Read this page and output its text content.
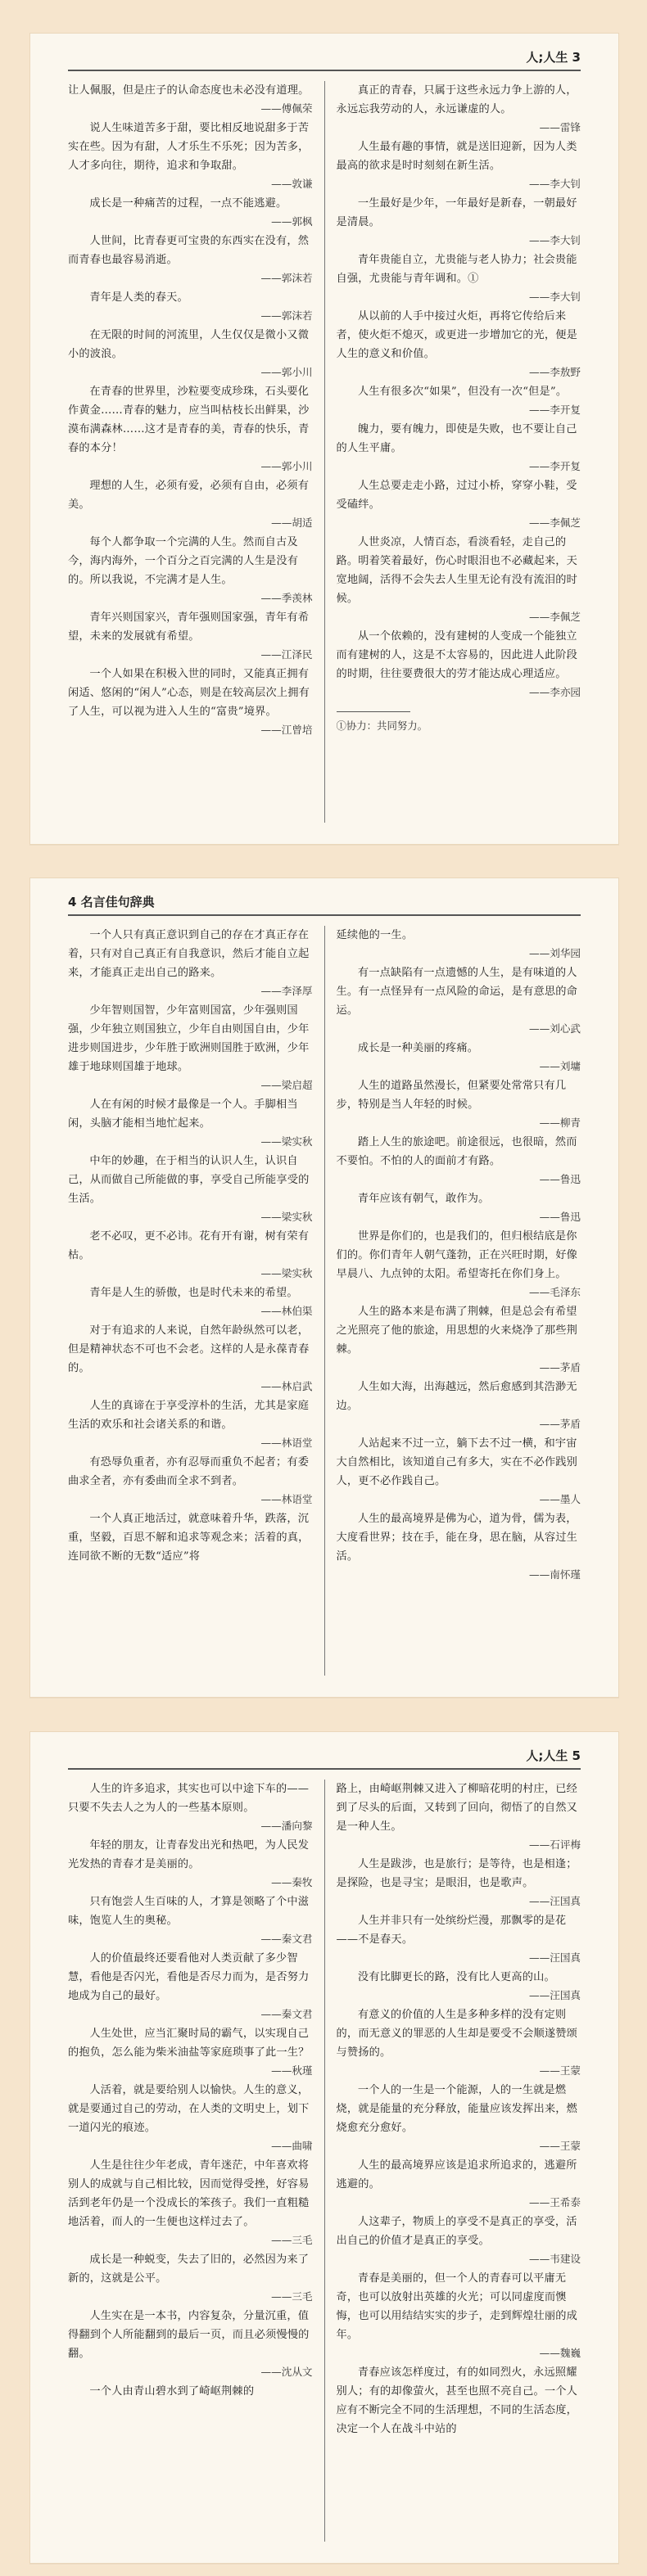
人;人生 3

让人佩服，但是庄子的认命态度也未必没有道理。

——傅佩荣

说人生味道苦多于甜，要比相反地说甜多于苦实在些。因为有甜，人才乐生不乐死；因为苦多，人才多向往，期待，追求和争取甜。

——敦谦

成长是一种痛苦的过程，一点不能逃避。

——郭枫

人世间，比青春更可宝贵的东西实在没有，然而青春也最容易消逝。

——郭沫若

青年是人类的春天。

——郭沫若

在无限的时间的河流里，人生仅仅是微小又微小的波浪。

——郭小川

在青春的世界里，沙粒要变成珍珠，石头要化作黄金……青春的魅力，应当叫枯枝长出鲜果，沙漠布满森林……这才是青春的美，青春的快乐，青春的本分！

——郭小川

理想的人生，必须有爱，必须有自由，必须有美。

——胡适

每个人都争取一个完满的人生。然而自古及今，海内海外，一个百分之百完满的人生是没有的。所以我说，不完满才是人生。

——季羡林

青年兴则国家兴，青年强则国家强，青年有希望，未来的发展就有希望。

——江泽民

一个人如果在积极入世的同时，又能真正拥有闲适、悠闲的“闲人”心态，则是在较高层次上拥有了人生，可以视为进入人生的“富贵”境界。

——江曾培

真正的青春，只属于这些永远力争上游的人，永远忘我劳动的人，永远谦虚的人。

——雷锋

人生最有趣的事情，就是送旧迎新，因为人类最高的欲求是时时刻刻在新生活。

——李大钊

一生最好是少年，一年最好是新春，一朝最好是清晨。

——李大钊

青年贵能自立，尤贵能与老人协力；社会贵能自强，尤贵能与青年调和。①

——李大钊

从以前的人手中接过火炬，再将它传给后来者，使火炬不熄灭，或更进一步增加它的光，便是人生的意义和价值。

——李敖野

人生有很多次“如果”，但没有一次“但是”。

——李开复

魄力，要有魄力，即使是失败，也不要让自己的人生平庸。

——李开复

人生总要走走小路，过过小桥，穿穿小鞋，受受磕绊。

——李佩芝

人世炎凉，人情百态，看淡看轻，走自己的路。明着笑着最好，伤心时眼泪也不必藏起来，天宽地阔，活得不会失去人生里无论有没有流泪的时候。

——李佩芝

从一个依赖的，没有建树的人变成一个能独立而有建树的人，这是不太容易的，因此进人此阶段的时期，往往要费很大的劳才能达成心理适应。

——李亦园

①协力：共同努力。

4 名言佳句辞典

一个人只有真正意识到自己的存在才真正存在着，只有对自己真正有自我意识，然后才能自立起来，才能真正走出自己的路来。

——李泽厚

少年智则国智，少年富则国富，少年强则国强，少年独立则国独立，少年自由则国自由，少年进步则国进步，少年胜于欧洲则国胜于欧洲，少年雄于地球则国雄于地球。

——梁启超

人在有闲的时候才最像是一个人。手脚相当闲，头脑才能相当地忙起来。

——梁实秋

中年的妙趣，在于相当的认识人生，认识自己，从而做自己所能做的事，享受自己所能享受的生活。

——梁实秋

老不必叹，更不必讳。花有开有谢，树有荣有枯。

——梁实秋

青年是人生的骄傲，也是时代未来的希望。

——林伯渠

对于有追求的人来说，自然年龄纵然可以老，但是精神状态不可也不会老。这样的人是永葆青春的。

——林启武

人生的真谛在于享受淳朴的生活，尤其是家庭生活的欢乐和社会诸关系的和谐。

——林语堂

有恐辱负重者，亦有忍辱而重负不起者；有委曲求全者，亦有委曲而全求不到者。

——林语堂

一个人真正地活过，就意味着升华，跌落，沉重，坚毅，百思不解和追求等观念来；活着的真，连同欲不断的无数“适应”将

延续他的一生。

——刘华园

有一点缺陷有一点遗憾的人生，是有味道的人生。有一点怪异有一点风险的命运，是有意思的命运。

——刘心武

成长是一种美丽的疼痛。

——刘墉

人生的道路虽然漫长，但紧要处常常只有几步，特别是当人年轻的时候。

——柳青

踏上人生的旅途吧。前途很远，也很暗，然而不要怕。不怕的人的面前才有路。

——鲁迅

青年应该有朝气，敢作为。

——鲁迅

世界是你们的，也是我们的，但归根结底是你们的。你们青年人朝气蓬勃，正在兴旺时期，好像早晨八、九点钟的太阳。希望寄托在你们身上。

——毛泽东

人生的路本来是布满了荆棘，但是总会有希望之光照亮了他的旅途，用思想的火来烧净了那些荆棘。

——茅盾

人生如大海，出海越远，然后愈感到其浩渺无边。

——茅盾

人站起来不过一立，躺下去不过一横，和宇宙大自然相比，该知道自己有多大，实在不必作践别人，更不必作践自己。

——墨人

人生的最高境界是佛为心，道为骨，儒为表，大度看世界；技在手，能在身，思在脑，从容过生活。

——南怀瑾

人;人生 5

人生的许多追求，其实也可以中途下车的——只要不失去人之为人的一些基本原则。

——潘向黎

年轻的朋友，让青春发出光和热吧，为人民发光发热的青春才是美丽的。

——秦牧

只有饱尝人生百味的人，才算是领略了个中滋味，饱览人生的奥秘。

——秦文君

人的价值最终还要看他对人类贡献了多少智慧，看他是否闪光，看他是否尽力而为，是否努力地成为自己的最好。

——秦文君

人生处世，应当汇聚时局的霸气，以实现自己的抱负，怎么能为柴米油盐等家庭琐事了此一生？

——秋瑾

人活着，就是要给别人以愉快。人生的意义，就是要通过自己的劳动，在人类的文明史上，划下一道闪光的痕迹。

——曲啸

人生是往往少年老成，青年迷茫，中年喜欢将别人的成就与自己相比较，因而觉得受挫，好容易活到老年仍是一个没成长的笨孩子。我们一直粗糙地活着，而人的一生便也这样过去了。

——三毛

成长是一种蜕变，失去了旧的，必然因为来了新的，这就是公平。

——三毛

人生实在是一本书，内容复杂，分量沉重，值得翻到个人所能翻到的最后一页，而且必须慢慢的翻。

——沈从文

一个人由青山碧水到了崎岖荆棘的

路上，由崎岖荆棘又进入了柳暗花明的村庄，已经到了尽头的后面，又转到了回向，彻悟了的自然又是一种人生。

——石评梅

人生是跋涉，也是旅行；是等待，也是相逢；是探险，也是寻宝；是眼泪，也是歌声。

——汪国真

人生并非只有一处缤纷烂漫，那飘零的是花——不是春天。

——汪国真

没有比脚更长的路，没有比人更高的山。

——汪国真

有意义的价值的人生是多种多样的没有定则的，而无意义的罪恶的人生却是要受不会顺遂赞颂与赞扬的。

——王蒙

一个人的一生是一个能源，人的一生就是燃烧，就是能量的充分释放，能量应该发挥出来，燃烧愈充分愈好。

——王蒙

人生的最高境界应该是追求所追求的，逃避所逃避的。

——王希泰

人这辈子，物质上的享受不是真正的享受，活出自己的价值才是真正的享受。

——韦建设

青春是美丽的，但一个人的青春可以平庸无奇，也可以放射出英雄的火光；可以同虚度而懊悔，也可以用结结实实的步子，走到辉煌壮丽的成年。

——魏巍

青春应该怎样度过，有的如同烈火，永远照耀别人；有的却像萤火，甚至也照不亮自己。一个人应有不断完全不同的生活理想，不同的生活态度，决定一个人在战斗中站的
